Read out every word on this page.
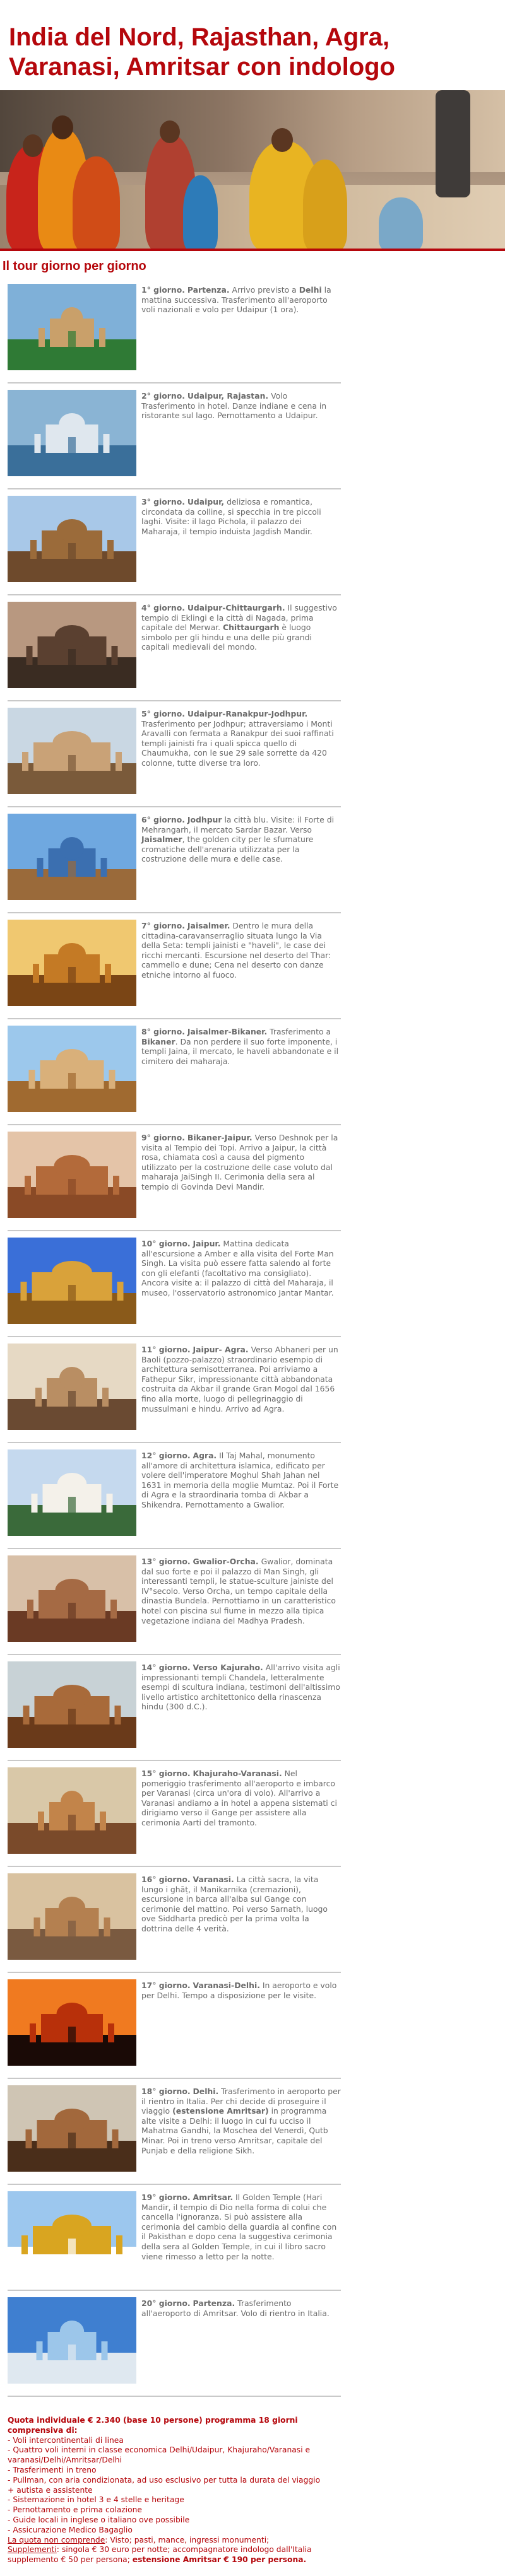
India del Nord, Rajasthan, Agra, Varanasi, Amritsar con indologo
Il tour giorno per giorno
1° giorno. Partenza. Arrivo previsto a Delhi la mattina successiva. Trasferimento all'aeroporto voli nazionali e volo per Udaipur (1 ora).
2° giorno. Udaipur, Rajastan. Volo Trasferimento in hotel. Danze indiane e cena in ristorante sul lago. Pernottamento a Udaipur.
3° giorno. Udaipur, deliziosa e romantica, circondata da colline, si specchia in tre piccoli laghi. Visite: il lago Pichola, il palazzo dei Maharaja, il tempio induista Jagdish Mandir.
4° giorno. Udaipur-Chittaurgarh. Il suggestivo tempio di Eklingi e la città di Nagada, prima capitale del Merwar. Chittaurgarh è luogo simbolo per gli hindu e una delle più grandi capitali medievali del mondo.
5° giorno. Udaipur-Ranakpur-Jodhpur. Trasferimento per Jodhpur; attraversiamo i Monti Aravalli con fermata a Ranakpur dei suoi raffinati templi jainisti fra i quali spicca quello di Chaumukha, con le sue 29 sale sorrette da 420 colonne, tutte diverse tra loro.
6° giorno. Jodhpur la città blu. Visite: il Forte di Mehrangarh, il mercato Sardar Bazar. Verso Jaisalmer, the golden city per le sfumature cromatiche dell'arenaria utilizzata per la costruzione delle mura e delle case.
7° giorno. Jaisalmer. Dentro le mura della cittadina-caravanserraglio situata lungo la Via della Seta: templi jainisti e "haveli", le case dei ricchi mercanti. Escursione nel deserto del Thar: cammello e dune; Cena nel deserto con danze etniche intorno al fuoco.
8° giorno. Jaisalmer-Bikaner. Trasferimento a Bikaner. Da non perdere il suo forte imponente, i templi Jaina, il mercato, le haveli abbandonate e il cimitero dei maharaja.
9° giorno. Bikaner-Jaipur. Verso Deshnok per la visita al Tempio dei Topi. Arrivo a Jaipur, la città rosa, chiamata così a causa del pigmento utilizzato per la costruzione delle case voluto dal maharaja JaiSingh II. Cerimonia della sera al tempio di Govinda Devi Mandir.
10° giorno. Jaipur. Mattina dedicata all'escursione a Amber e alla visita del Forte Man Singh. La visita può essere fatta salendo al forte con gli elefanti (facoltativo ma consigliato). Ancora visite a: il palazzo di città del Maharaja, il museo, l'osservatorio astronomico Jantar Mantar.
11° giorno. Jaipur- Agra. Verso Abhaneri per un Baoli (pozzo-palazzo) straordinario esempio di architettura semisotterranea. Poi arriviamo a Fathepur Sikr, impressionante città abbandonata costruita da Akbar il grande Gran Mogol dal 1656 fino alla morte, luogo di pellegrinaggio di mussulmani e hindu. Arrivo ad Agra.
12° giorno. Agra. Il Taj Mahal, monumento all'amore di architettura islamica, edificato per volere dell'imperatore Moghul Shah Jahan nel 1631 in memoria della moglie Mumtaz. Poi il Forte di Agra e la straordinaria tomba di Akbar a Shikendra. Pernottamento a Gwalior.
13° giorno. Gwalior-Orcha. Gwalior, dominata dal suo forte e poi il palazzo di Man Singh, gli interessanti templi, le statue-sculture jainiste del IV°secolo. Verso Orcha, un tempo capitale della dinastia Bundela. Pernottiamo in un caratteristico hotel con piscina sul fiume in mezzo alla tipica vegetazione indiana del Madhya Pradesh.
14° giorno. Verso Kajuraho. All'arrivo visita agli impressionanti templi Chandela, letteralmente esempi di scultura indiana, testimoni dell'altissimo livello artistico architettonico della rinascenza hindu (300 d.C.).
15° giorno. Khajuraho-Varanasi. Nel pomeriggio trasferimento all'aeroporto e imbarco per Varanasi (circa un'ora di volo). All'arrivo a Varanasi andiamo a in hotel a appena sistemati ci dirigiamo verso il Gange per assistere alla cerimonia Aarti del tramonto.
16° giorno. Varanasi. La città sacra, la vita lungo i ghāṭ, il Manikarnika (cremazioni), escursione in barca all'alba sul Gange con cerimonie del mattino. Poi verso Sarnath, luogo ove Siddharta predicò per la prima volta la dottrina delle 4 verità.
17° giorno. Varanasi-Delhi. In aeroporto e volo per Delhi. Tempo a disposizione per le visite.
18° giorno. Delhi. Trasferimento in aeroporto per il rientro in Italia. Per chi decide di proseguire il viaggio (estensione Amritsar) in programma alte visite a Delhi: il luogo in cui fu ucciso il Mahatma Gandhi, la Moschea del Venerdì, Qutb Minar. Poi in treno verso Amritsar, capitale del Punjab e della religione Sikh.
19° giorno. Amritsar. Il Golden Temple (Hari Mandir, il tempio di Dio nella forma di colui che cancella l'ignoranza. Si può assistere alla cerimonia del cambio della guardia al confine con il Pakisthan e dopo cena la suggestiva cerimonia della sera al Golden Temple, in cui il libro sacro viene rimesso a letto per la notte.
20° giorno. Partenza. Trasferimento all'aeroporto di Amritsar. Volo di rientro in Italia.
Quota individuale € 2.340 (base 10 persone) programma 18 giorni comprensiva di:
- Voli intercontinentali di linea
- Quattro voli interni in classe economica Delhi/Udaipur, Khajuraho/Varanasi e varanasi/Delhi/Amritsar/Delhi
- Trasferimenti in treno
- Pullman, con aria condizionata, ad uso esclusivo per tutta la durata del viaggio
+ autista e assistente
- Sistemazione in hotel 3 e 4 stelle e heritage
- Pernottamento e prima colazione
- Guide locali in inglese o italiano ove possibile
- Assicurazione Medico Bagaglio
La quota non comprende: Visto; pasti, mance, ingressi monumenti;
Supplementi: singola € 30 euro per notte; accompagnatore indologo dall'Italia
supplemento € 50 per persona; estensione Amritsar € 190 per persona.
